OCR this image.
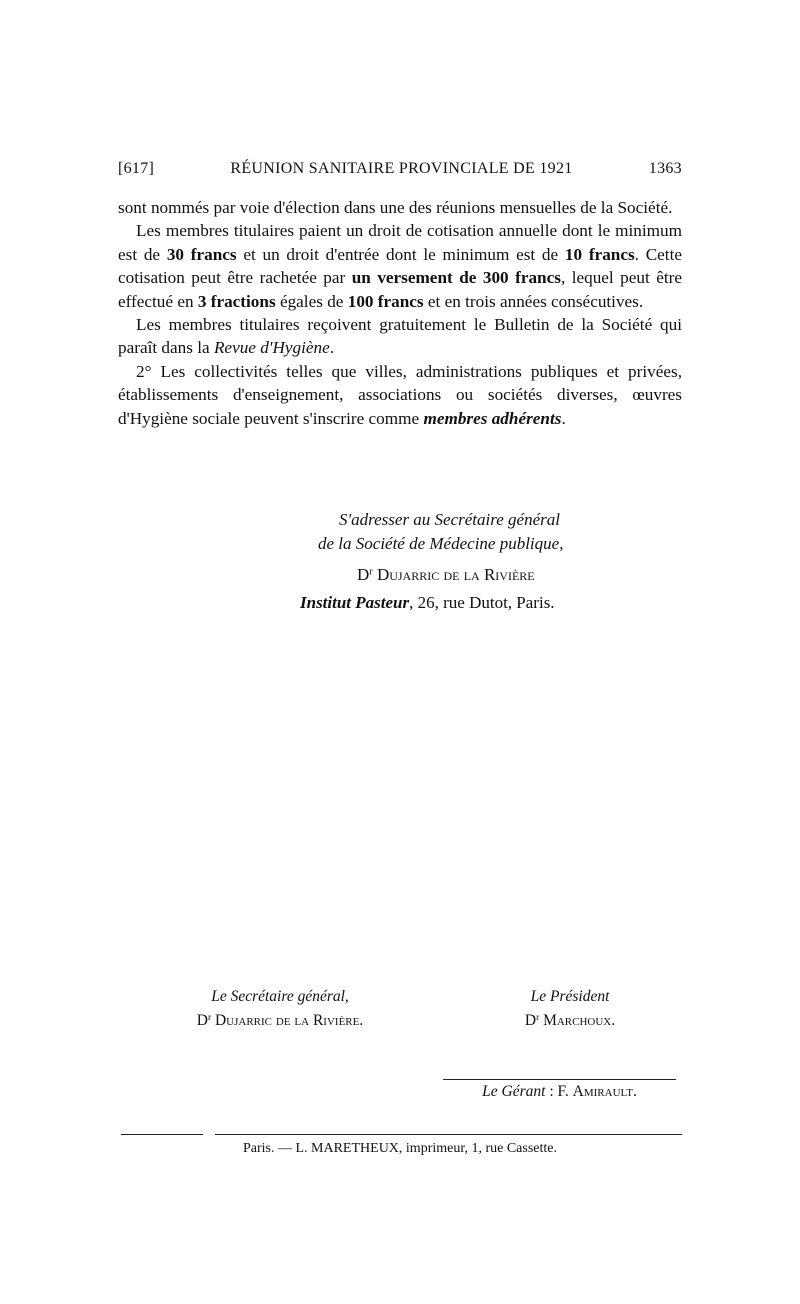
[617]	RÉUNION SANITAIRE PROVINCIALE DE 1921	1363

sont nommés par voie d'élection dans une des réunions mensuelles de la Société.

Les membres titulaires paient un droit de cotisation annuelle dont le minimum est de 30 francs et un droit d'entrée dont le minimum est de 10 francs. Cette cotisation peut être rachetée par un versement de 300 francs, lequel peut être effectué en 3 fractions égales de 100 francs et en trois années consécutives.

Les membres titulaires reçoivent gratuitement le Bulletin de la Société qui paraît dans la Revue d'Hygiène.

2° Les collectivités telles que villes, administrations publiques et privées, établissements d'enseignement, associations ou sociétés diverses, œuvres d'Hygiène sociale peuvent s'inscrire comme membres adhérents.

S'adresser au Secrétaire général
de la Société de Médecine publique,
$D^r$ Dujarric de la Rivière
Institut Pasteur, 26, rue Dutot, Paris.
Le Secrétaire général,
$D^r$ Dujarric de la Rivière.
Le Président
$D^r$ Marchoux.
Le Gérant : F. Amirault.
Paris. — L. MARETHEUX, imprimeur, 1, rue Cassette.
